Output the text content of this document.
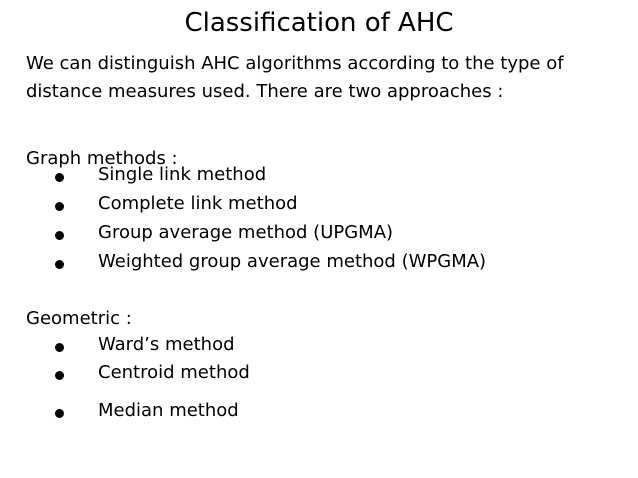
Classification of AHC

We can distinguish AHC algorithms according to the type of distance measures used. There are two approaches :

Graph methods :

Single link method
Complete link method
Group average method (UPGMA)
Weighted group average method (WPGMA)

Geometric :

Ward’s method
Centroid method
Median method
